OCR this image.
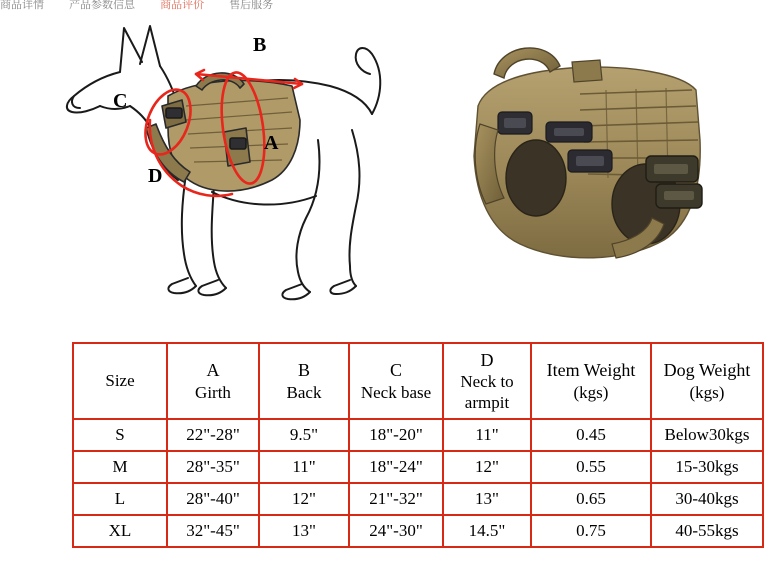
商品详情 产品参数信息 商品评价 售后服务
B
A
C
D
Size	A
Girth	B
Back	C
Neck base	D
Neck to armpit	Item Weight
(kgs)	Dog Weight
(kgs)

S	22"-28"	9.5"	18"-20"	11"	0.45	Below30kgs
M	28"-35"	11"	18"-24"	12"	0.55	15-30kgs
L	28"-40"	12"	21"-32"	13"	0.65	30-40kgs
XL	32"-45"	13"	24"-30"	14.5"	0.75	40-55kgs
